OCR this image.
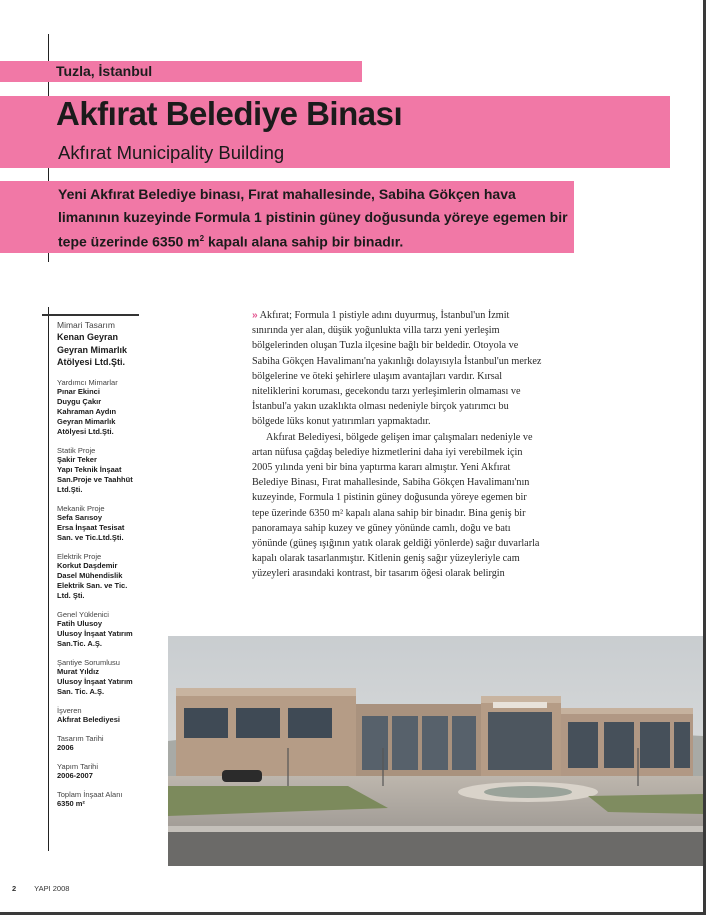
Tuzla, İstanbul
Akfırat Belediye Binası
Akfırat Municipality Building
Yeni Akfırat Belediye binası, Fırat mahallesinde, Sabiha Gökçen hava limanının kuzeyinde Formula 1 pistinin güney doğusunda yöreye egemen bir tepe üzerinde 6350 $m^2$ kapalı alana sahip bir binadır.
Mimari Tasarım
Kenan Geyran
Geyran Mimarlık
Atölyesi Ltd.Şti.
Yardımcı Mimarlar
Pınar Ekinci
Duygu Çakır
Kahraman Aydın
Geyran Mimarlık
Atölyesi Ltd.Şti.
Statik Proje
Şakir Teker
Yapı Teknik İnşaat
San.Proje ve Taahhüt
Ltd.Şti.
Mekanik Proje
Sefa Sarısoy
Ersa İnşaat Tesisat
San. ve Tic.Ltd.Şti.
Elektrik Proje
Korkut Daşdemir
Dasel Mühendislik
Elektrik San. ve Tic.
Ltd. Şti.
Genel Yüklenici
Fatih Ulusoy
Ulusoy İnşaat Yatırım
San.Tic. A.Ş.
Şantiye Sorumlusu
Murat Yıldız
Ulusoy İnşaat Yatırım
San. Tic. A.Ş.
İşveren
Akfırat Belediyesi
Tasarım Tarihi
2006
Yapım Tarihi
2006-2007
Toplam İnşaat Alanı
6350 m²

» Akfırat; Formula 1 pistiyle adını duyurmuş, İstanbul'un İzmit sınırında yer alan, düşük yoğunlukta villa tarzı yeni yerleşim bölgelerinden oluşan Tuzla ilçesine bağlı bir beldedir. Otoyola ve Sabiha Gökçen Havalimanı'na yakınlığı dolayısıyla İstanbul'un merkez bölgelerine ve öteki şehirlere ulaşım avantajları vardır. Kırsal niteliklerini koruması, gecekondu tarzı yerleşimlerin olmaması ve İstanbul'a yakın uzaklıkta olması nedeniyle birçok yatırımcı bu bölgede lüks konut yatırımları yapmaktadır.

Akfırat Belediyesi, bölgede gelişen imar çalışmaları nedeniyle ve artan nüfusa çağdaş belediye hizmetlerini daha iyi verebilmek için 2005 yılında yeni bir bina yaptırma kararı almıştır. Yeni Akfırat Belediye Binası, Fırat mahallesinde, Sabiha Gökçen Havalimanı'nın kuzeyinde, Formula 1 pistinin güney doğusunda yöreye egemen bir tepe üzerinde 6350 m² kapalı alana sahip bir binadır. Bina geniş bir panoramaya sahip kuzey ve güney yönünde camlı, doğu ve batı yönünde (güneş ışığının yatık olarak geldiği yönlerde) sağır duvarlarla kapalı olarak tasarlanmıştır. Kitlenin geniş sağır yüzeyleriyle cam yüzeyleri arasındaki kontrast, bir tasarım öğesi olarak belirgin

2 YAPI 2008
